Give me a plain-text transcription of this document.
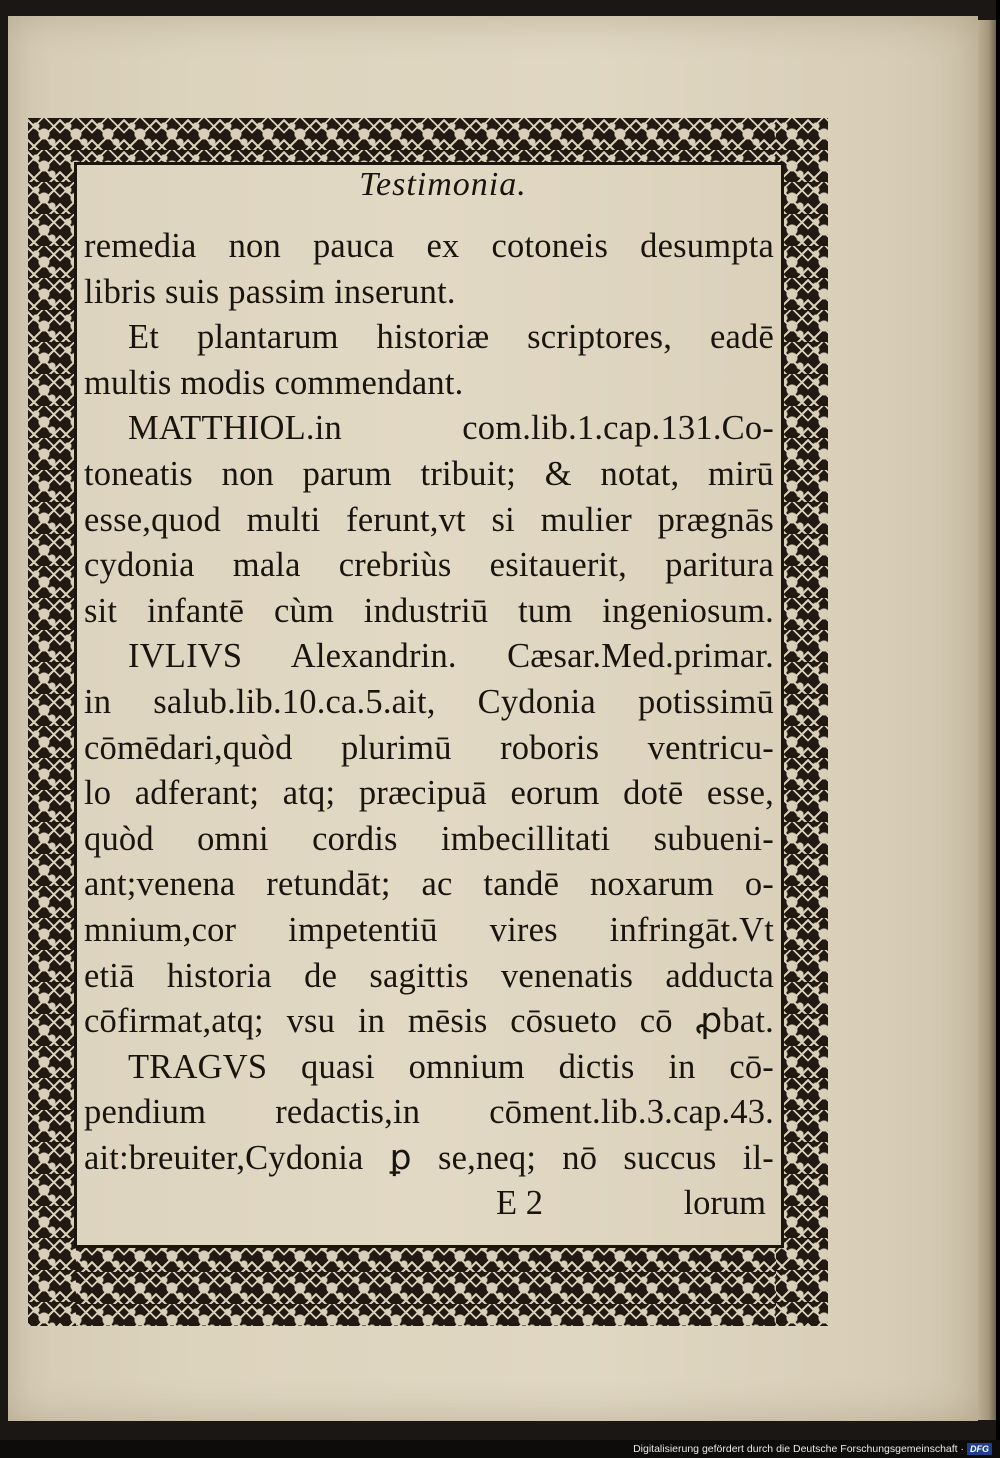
Testimonia.
remedia non pauca ex cotoneis desumpta
libris suis passim inserunt.
Et plantarum historiæ scriptores, eadē
multis modis commendant.
MATTHIOL.in com.lib.1.cap.131.Co-
toneatis non parum tribuit; & notat, mirū
esse,quod multi ferunt,vt si mulier prægnās
cydonia mala crebriùs esitauerit, paritura
sit infantē cùm industriū tum ingeniosum.
IVLIVS Alexandrin. Cæsar.Med.primar.
in salub.lib.10.ca.5.ait, Cydonia potissimū
cōmēdari,quòd plurimū roboris ventricu-
lo adferant; atq; præcipuā eorum dotē esse,
quòd omni cordis imbecillitati subueni-
ant;venena retundāt; ac tandē noxarum o-
mnium,cor impetentiū vires infringāt.Vt
etiā historia de sagittis venenatis adducta
cōfirmat,atq; vsu in mēsis cōsueto cō ꝓbat.
TRAGVS quasi omnium dictis in cō-
pendium redactis,in cōment.lib.3.cap.43.
ait:breuiter,Cydonia ꝑ se,neq; nō succus il-
E 2	lorum
Digitalisierung gefördert durch die Deutsche Forschungsgemeinschaft · DFG
